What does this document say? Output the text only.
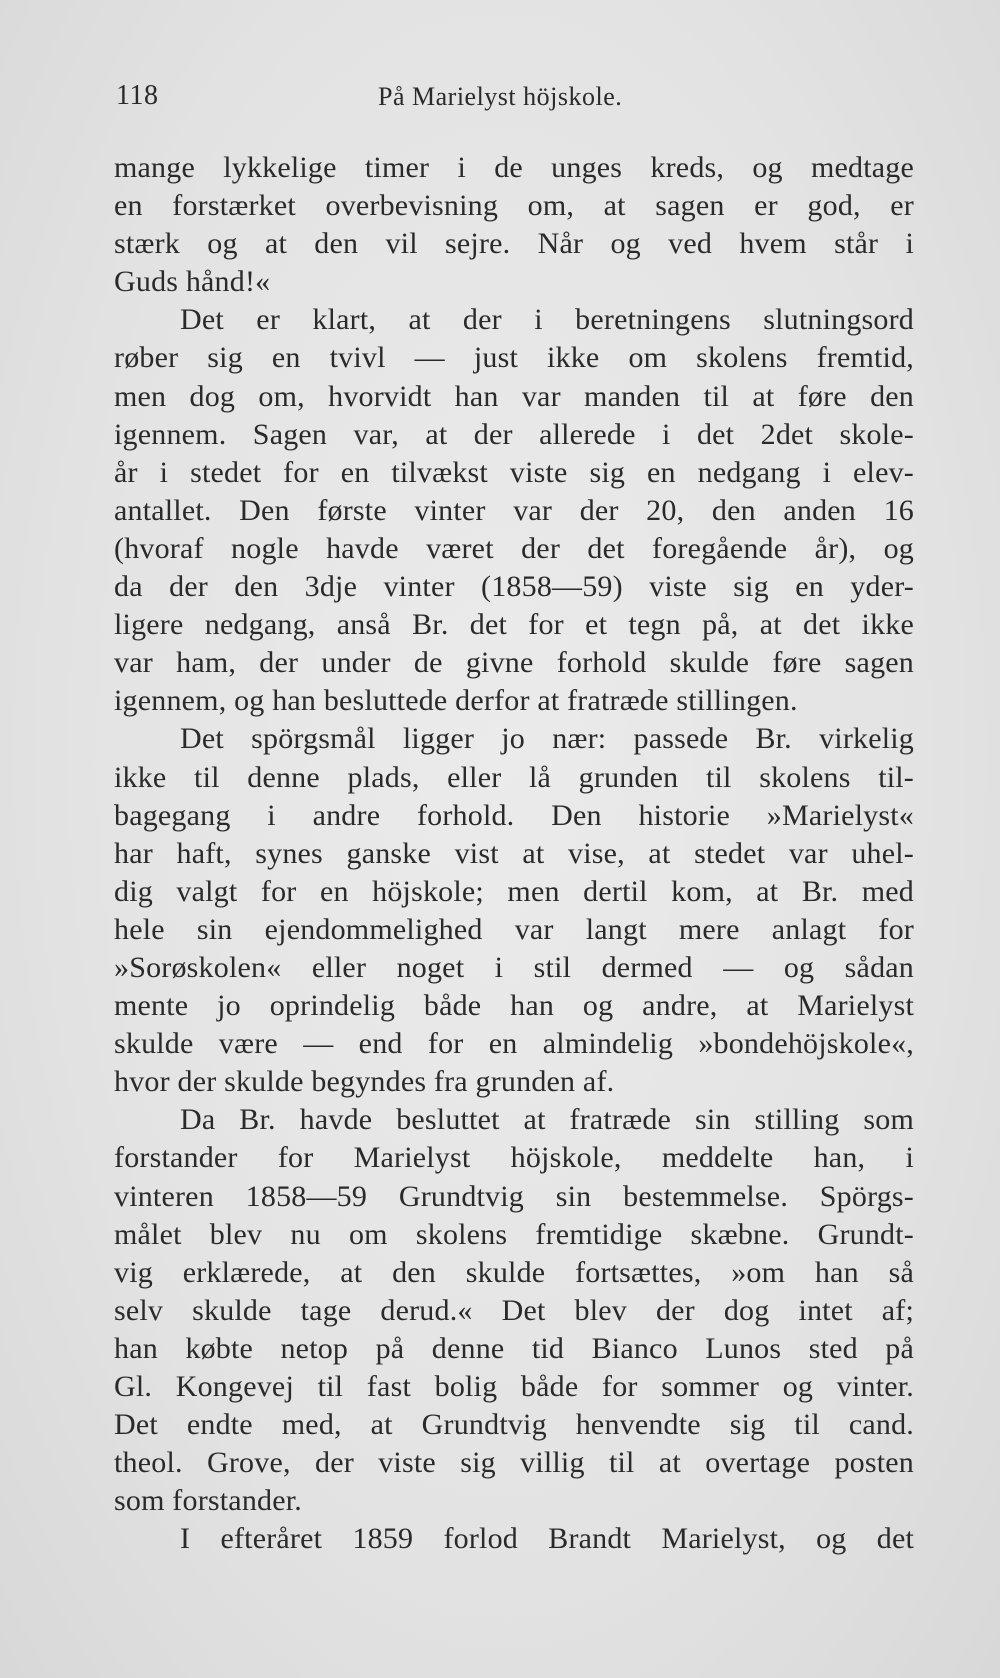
118	På Marielyst höjskole.
mange lykkelige timer i de unges kreds, og medtage
en forstærket overbevisning om, at sagen er god, er
stærk og at den vil sejre. Når og ved hvem står i
Guds hånd!«
Det er klart, at der i beretningens slutningsord
røber sig en tvivl — just ikke om skolens fremtid,
men dog om, hvorvidt han var manden til at føre den
igennem. Sagen var, at der allerede i det 2det skole-
år i stedet for en tilvækst viste sig en nedgang i elev-
antallet. Den første vinter var der 20, den anden 16
(hvoraf nogle havde været der det foregående år), og
da der den 3dje vinter (1858—59) viste sig en yder-
ligere nedgang, anså Br. det for et tegn på, at det ikke
var ham, der under de givne forhold skulde føre sagen
igennem, og han besluttede derfor at fratræde stillingen.
Det spörgsmål ligger jo nær: passede Br. virkelig
ikke til denne plads, eller lå grunden til skolens til-
bagegang i andre forhold. Den historie »Marielyst«
har haft, synes ganske vist at vise, at stedet var uhel-
dig valgt for en höjskole; men dertil kom, at Br. med
hele sin ejendommelighed var langt mere anlagt for
»Sorøskolen« eller noget i stil dermed — og sådan
mente jo oprindelig både han og andre, at Marielyst
skulde være — end for en almindelig »bondehöjskole«,
hvor der skulde begyndes fra grunden af.
Da Br. havde besluttet at fratræde sin stilling som
forstander for Marielyst höjskole, meddelte han, i
vinteren 1858—59 Grundtvig sin bestemmelse. Spörgs-
målet blev nu om skolens fremtidige skæbne. Grundt-
vig erklærede, at den skulde fortsættes, »om han så
selv skulde tage derud.« Det blev der dog intet af;
han købte netop på denne tid Bianco Lunos sted på
Gl. Kongevej til fast bolig både for sommer og vinter.
Det endte med, at Grundtvig henvendte sig til cand.
theol. Grove, der viste sig villig til at overtage posten
som forstander.
I efteråret 1859 forlod Brandt Marielyst, og det
